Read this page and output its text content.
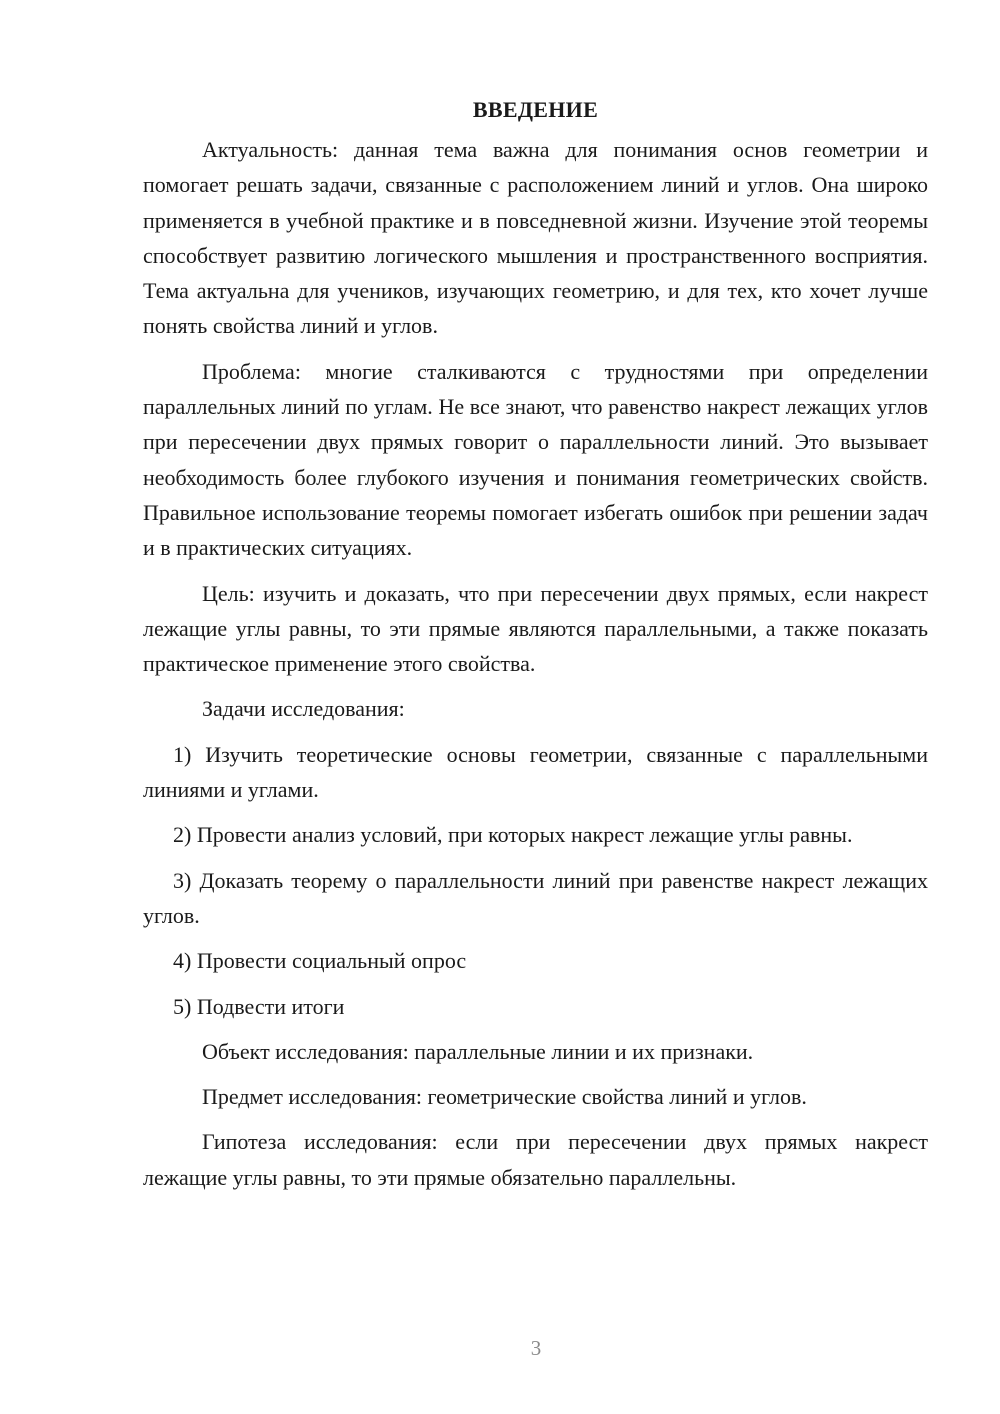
ВВЕДЕНИЕ

Актуальность: данная тема важна для понимания основ геометрии и помогает решать задачи, связанные с расположением линий и углов. Она широко применяется в учебной практике и в повседневной жизни. Изучение этой теоремы способствует развитию логического мышления и пространственного восприятия. Тема актуальна для учеников, изучающих геометрию, и для тех, кто хочет лучше понять свойства линий и углов.

Проблема: многие сталкиваются с трудностями при определении параллельных линий по углам. Не все знают, что равенство накрест лежащих углов при пересечении двух прямых говорит о параллельности линий. Это вызывает необходимость более глубокого изучения и понимания геометрических свойств. Правильное использование теоремы помогает избегать ошибок при решении задач и в практических ситуациях.

Цель: изучить и доказать, что при пересечении двух прямых, если накрест лежащие углы равны, то эти прямые являются параллельными, а также показать практическое применение этого свойства.

Задачи исследования:

1) Изучить теоретические основы геометрии, связанные с параллельными линиями и углами.

2) Провести анализ условий, при которых накрест лежащие углы равны.

3) Доказать теорему о параллельности линий при равенстве накрест лежащих углов.

4) Провести социальный опрос

5) Подвести итоги

Объект исследования: параллельные линии и их признаки.

Предмет исследования: геометрические свойства линий и углов.

Гипотеза исследования: если при пересечении двух прямых накрест лежащие углы равны, то эти прямые обязательно параллельны.

3
